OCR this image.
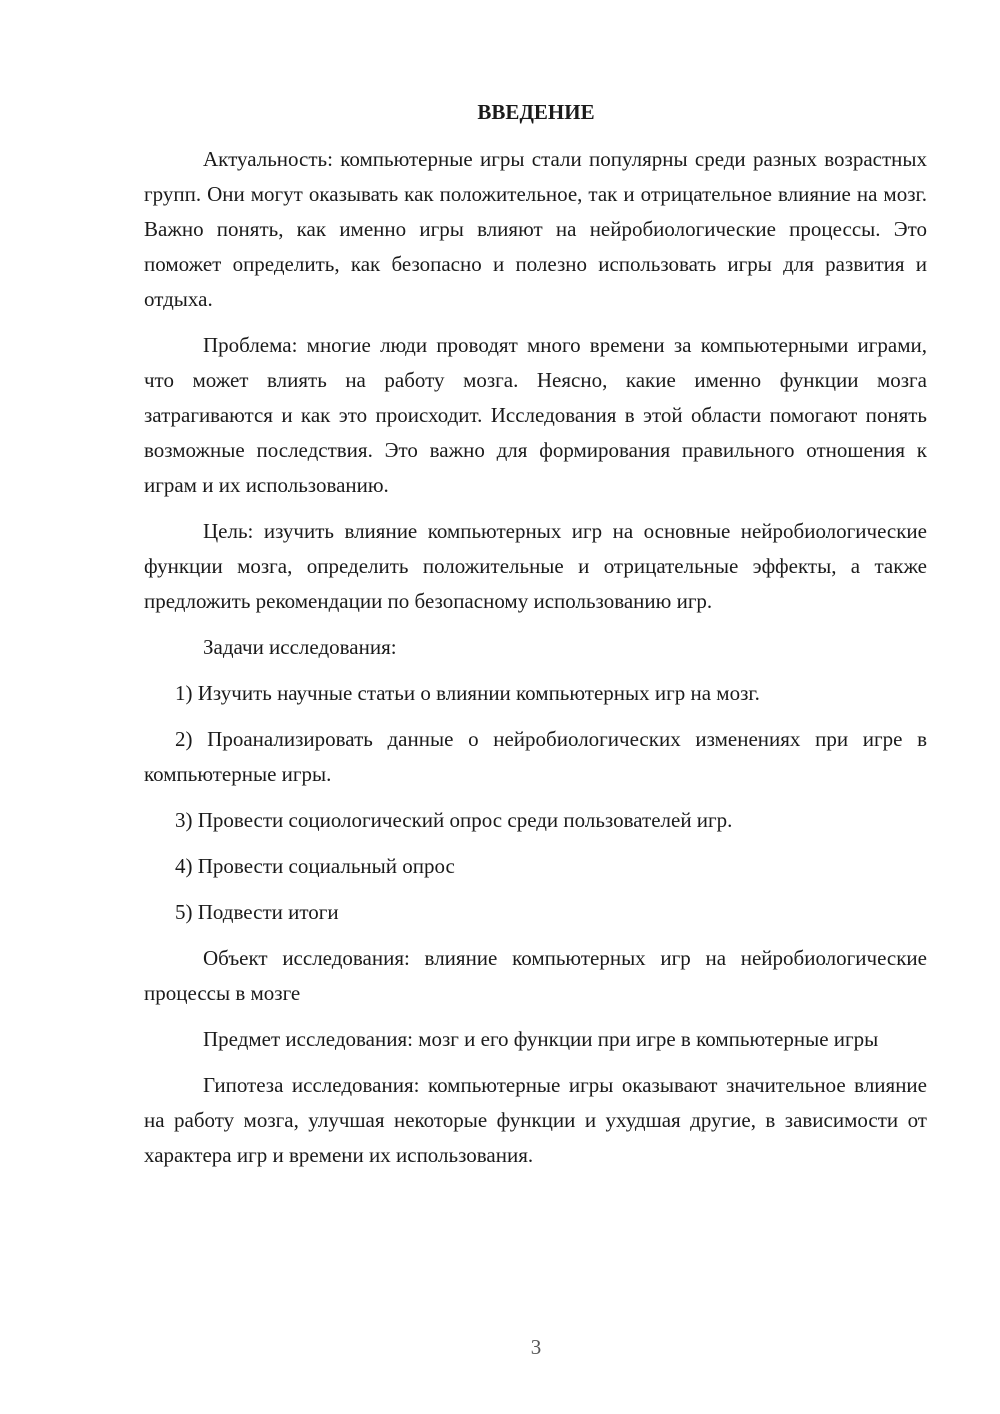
ВВЕДЕНИЕ

Актуальность: компьютерные игры стали популярны среди разных возрастных групп. Они могут оказывать как положительное, так и отрицательное влияние на мозг. Важно понять, как именно игры влияют на нейробиологические процессы. Это поможет определить, как безопасно и полезно использовать игры для развития и отдыха.

Проблема: многие люди проводят много времени за компьютерными играми, что может влиять на работу мозга. Неясно, какие именно функции мозга затрагиваются и как это происходит. Исследования в этой области помогают понять возможные последствия. Это важно для формирования правильного отношения к играм и их использованию.

Цель: изучить влияние компьютерных игр на основные нейробиологические функции мозга, определить положительные и отрицательные эффекты, а также предложить рекомендации по безопасному использованию игр.

Задачи исследования:

1) Изучить научные статьи о влиянии компьютерных игр на мозг.

2) Проанализировать данные о нейробиологических изменениях при игре в компьютерные игры.

3) Провести социологический опрос среди пользователей игр.

4) Провести социальный опрос

5) Подвести итоги

Объект исследования: влияние компьютерных игр на нейробиологические процессы в мозге

Предмет исследования: мозг и его функции при игре в компьютерные игры

Гипотеза исследования: компьютерные игры оказывают значительное влияние на работу мозга, улучшая некоторые функции и ухудшая другие, в зависимости от характера игр и времени их использования.

3
